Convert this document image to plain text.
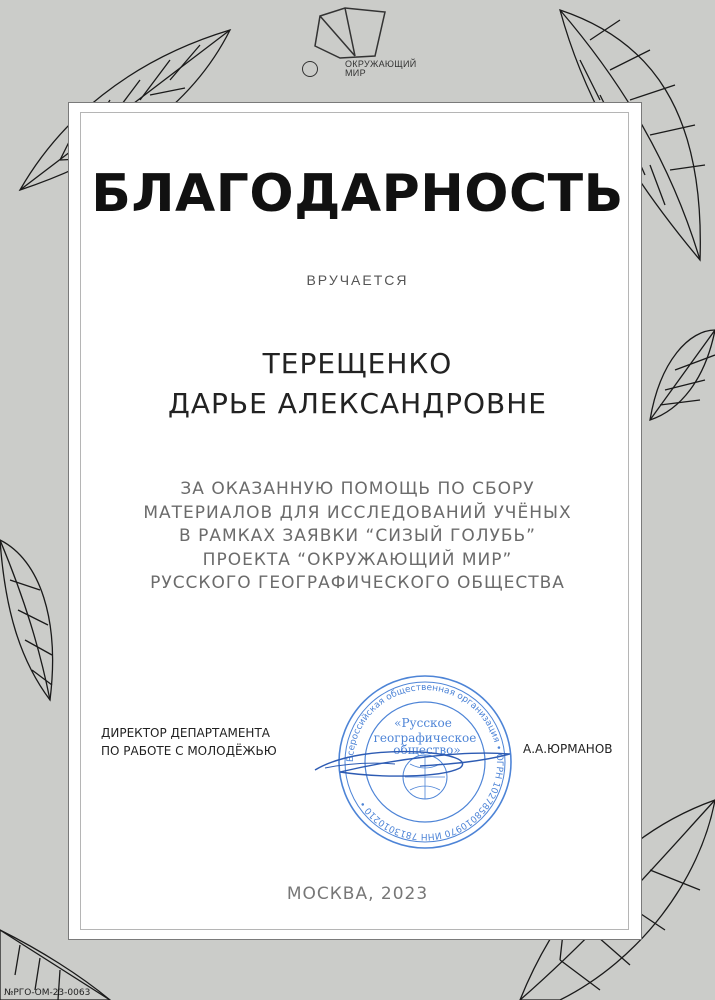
ОКРУЖАЮЩИЙ
МИР
БЛАГОДАРНОСТЬ
ВРУЧАЕТСЯ
ТЕРЕЩЕНКО
ДАРЬЕ АЛЕКСАНДРОВНЕ
ЗА ОКАЗАННУЮ ПОМОЩЬ ПО СБОРУ
МАТЕРИАЛОВ ДЛЯ ИССЛЕДОВАНИЙ УЧЁНЫХ
В РАМКАХ ЗАЯВКИ “СИЗЫЙ ГОЛУБЬ”
ПРОЕКТА “ОКРУЖАЮЩИЙ МИР”
РУССКОГО ГЕОГРАФИЧЕСКОГО ОБЩЕСТВА
ДИРЕКТОР ДЕПАРТАМЕНТА
ПО РАБОТЕ С МОЛОДЁЖЬЮ
Всероссийская общественная организация • ОГРН 1027858010970 ИНН 7813010210 •
«Русское
географическое
общество»	А.А.ЮРМАНОВ
МОСКВА, 2023
№РГО-ОМ-23-0063
